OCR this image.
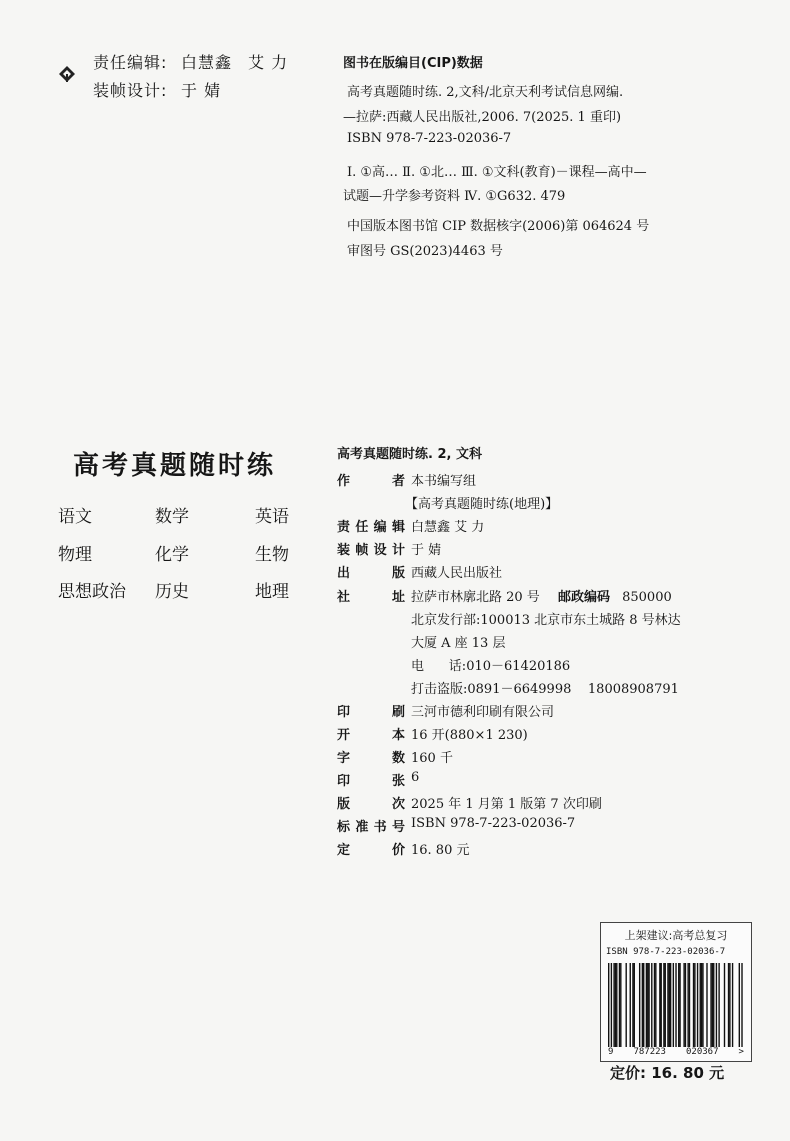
责任编辑: 白慧鑫 艾 力
装帧设计: 于 婧
图书在版编目(CIP)数据
高考真题随时练. 2,文科/北京天利考试信息网编.
—拉萨:西藏人民出版社,2006. 7(2025. 1 重印)
ISBN 978-7-223-02036-7
Ⅰ. ①高… Ⅱ. ①北… Ⅲ. ①文科(教育)－课程—高中—
试题—升学参考资料 Ⅳ. ①G632. 479
中国版本图书馆 CIP 数据核字(2006)第 064624 号
审图号 GS(2023)4463 号
高考真题随时练
语文	数学	英语
物理	化学	生物
思想政治 历史	地理
高考真题随时练. 2, 文科
作	者 本书编写组
【高考真题随时练(地理)】
责 任 编 辑 白慧鑫 艾 力
装 帧 设 计 于 婧
出	版 西藏人民出版社
社	址 拉萨市林廓北路 20 号 邮政编码 850000
北京发行部:100013 北京市东土城路 8 号林达
大厦 A 座 13 层
电      话:010－61420186
打击盗版:0891－6649998    18008908791
印	刷 三河市德利印刷有限公司
开	本 16 开(880×1 230)
字	数 160 千
印	张 6
版	次 2025 年 1 月第 1 版第 7 次印刷
标 准 书 号 ISBN 978-7-223-02036-7
定	价 16. 80 元
上架建议:高考总复习
ISBN 978-7-223-02036-7
9 787223 020367 >
定价: 16. 80 元
